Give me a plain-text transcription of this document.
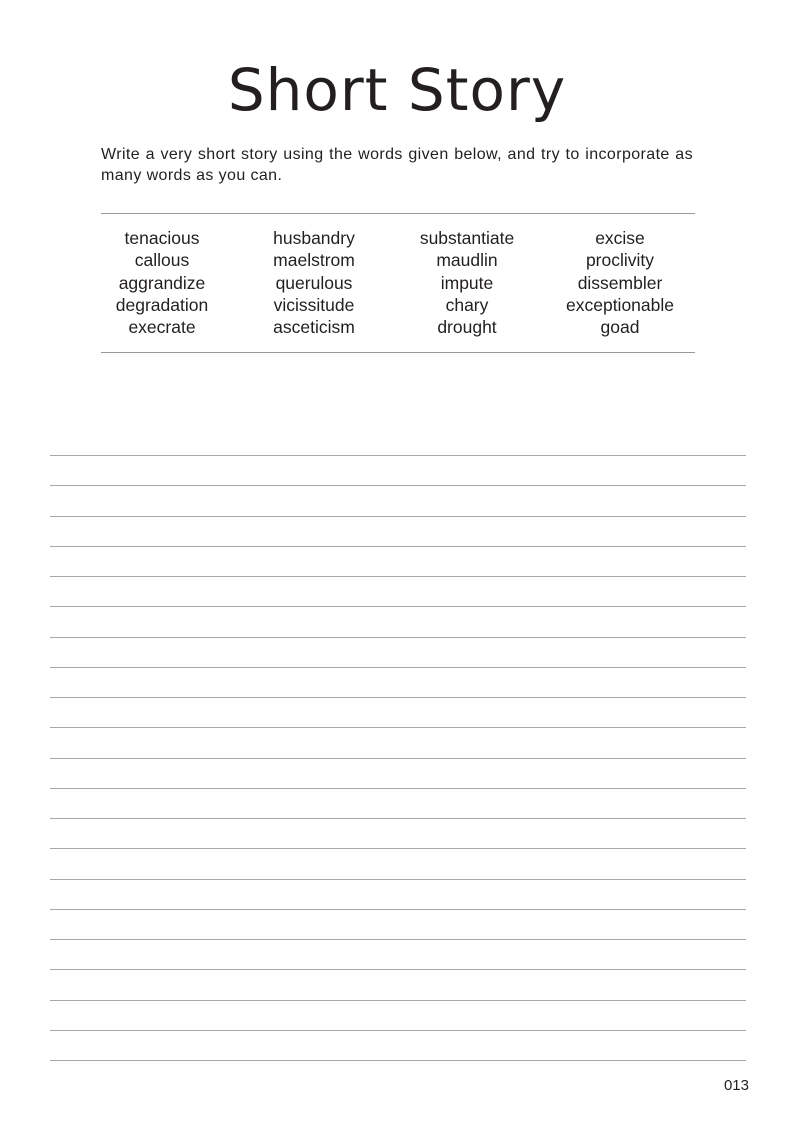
Short Story

Write a very short story using the words given below, and try to incorporate as many words as you can.

tenacious
callous
aggrandize
degradation
execrate
husbandry
maelstrom
querulous
vicissitude
asceticism
substantiate
maudlin
impute
chary
drought
excise
proclivity
dissembler
exceptionable
goad
013
